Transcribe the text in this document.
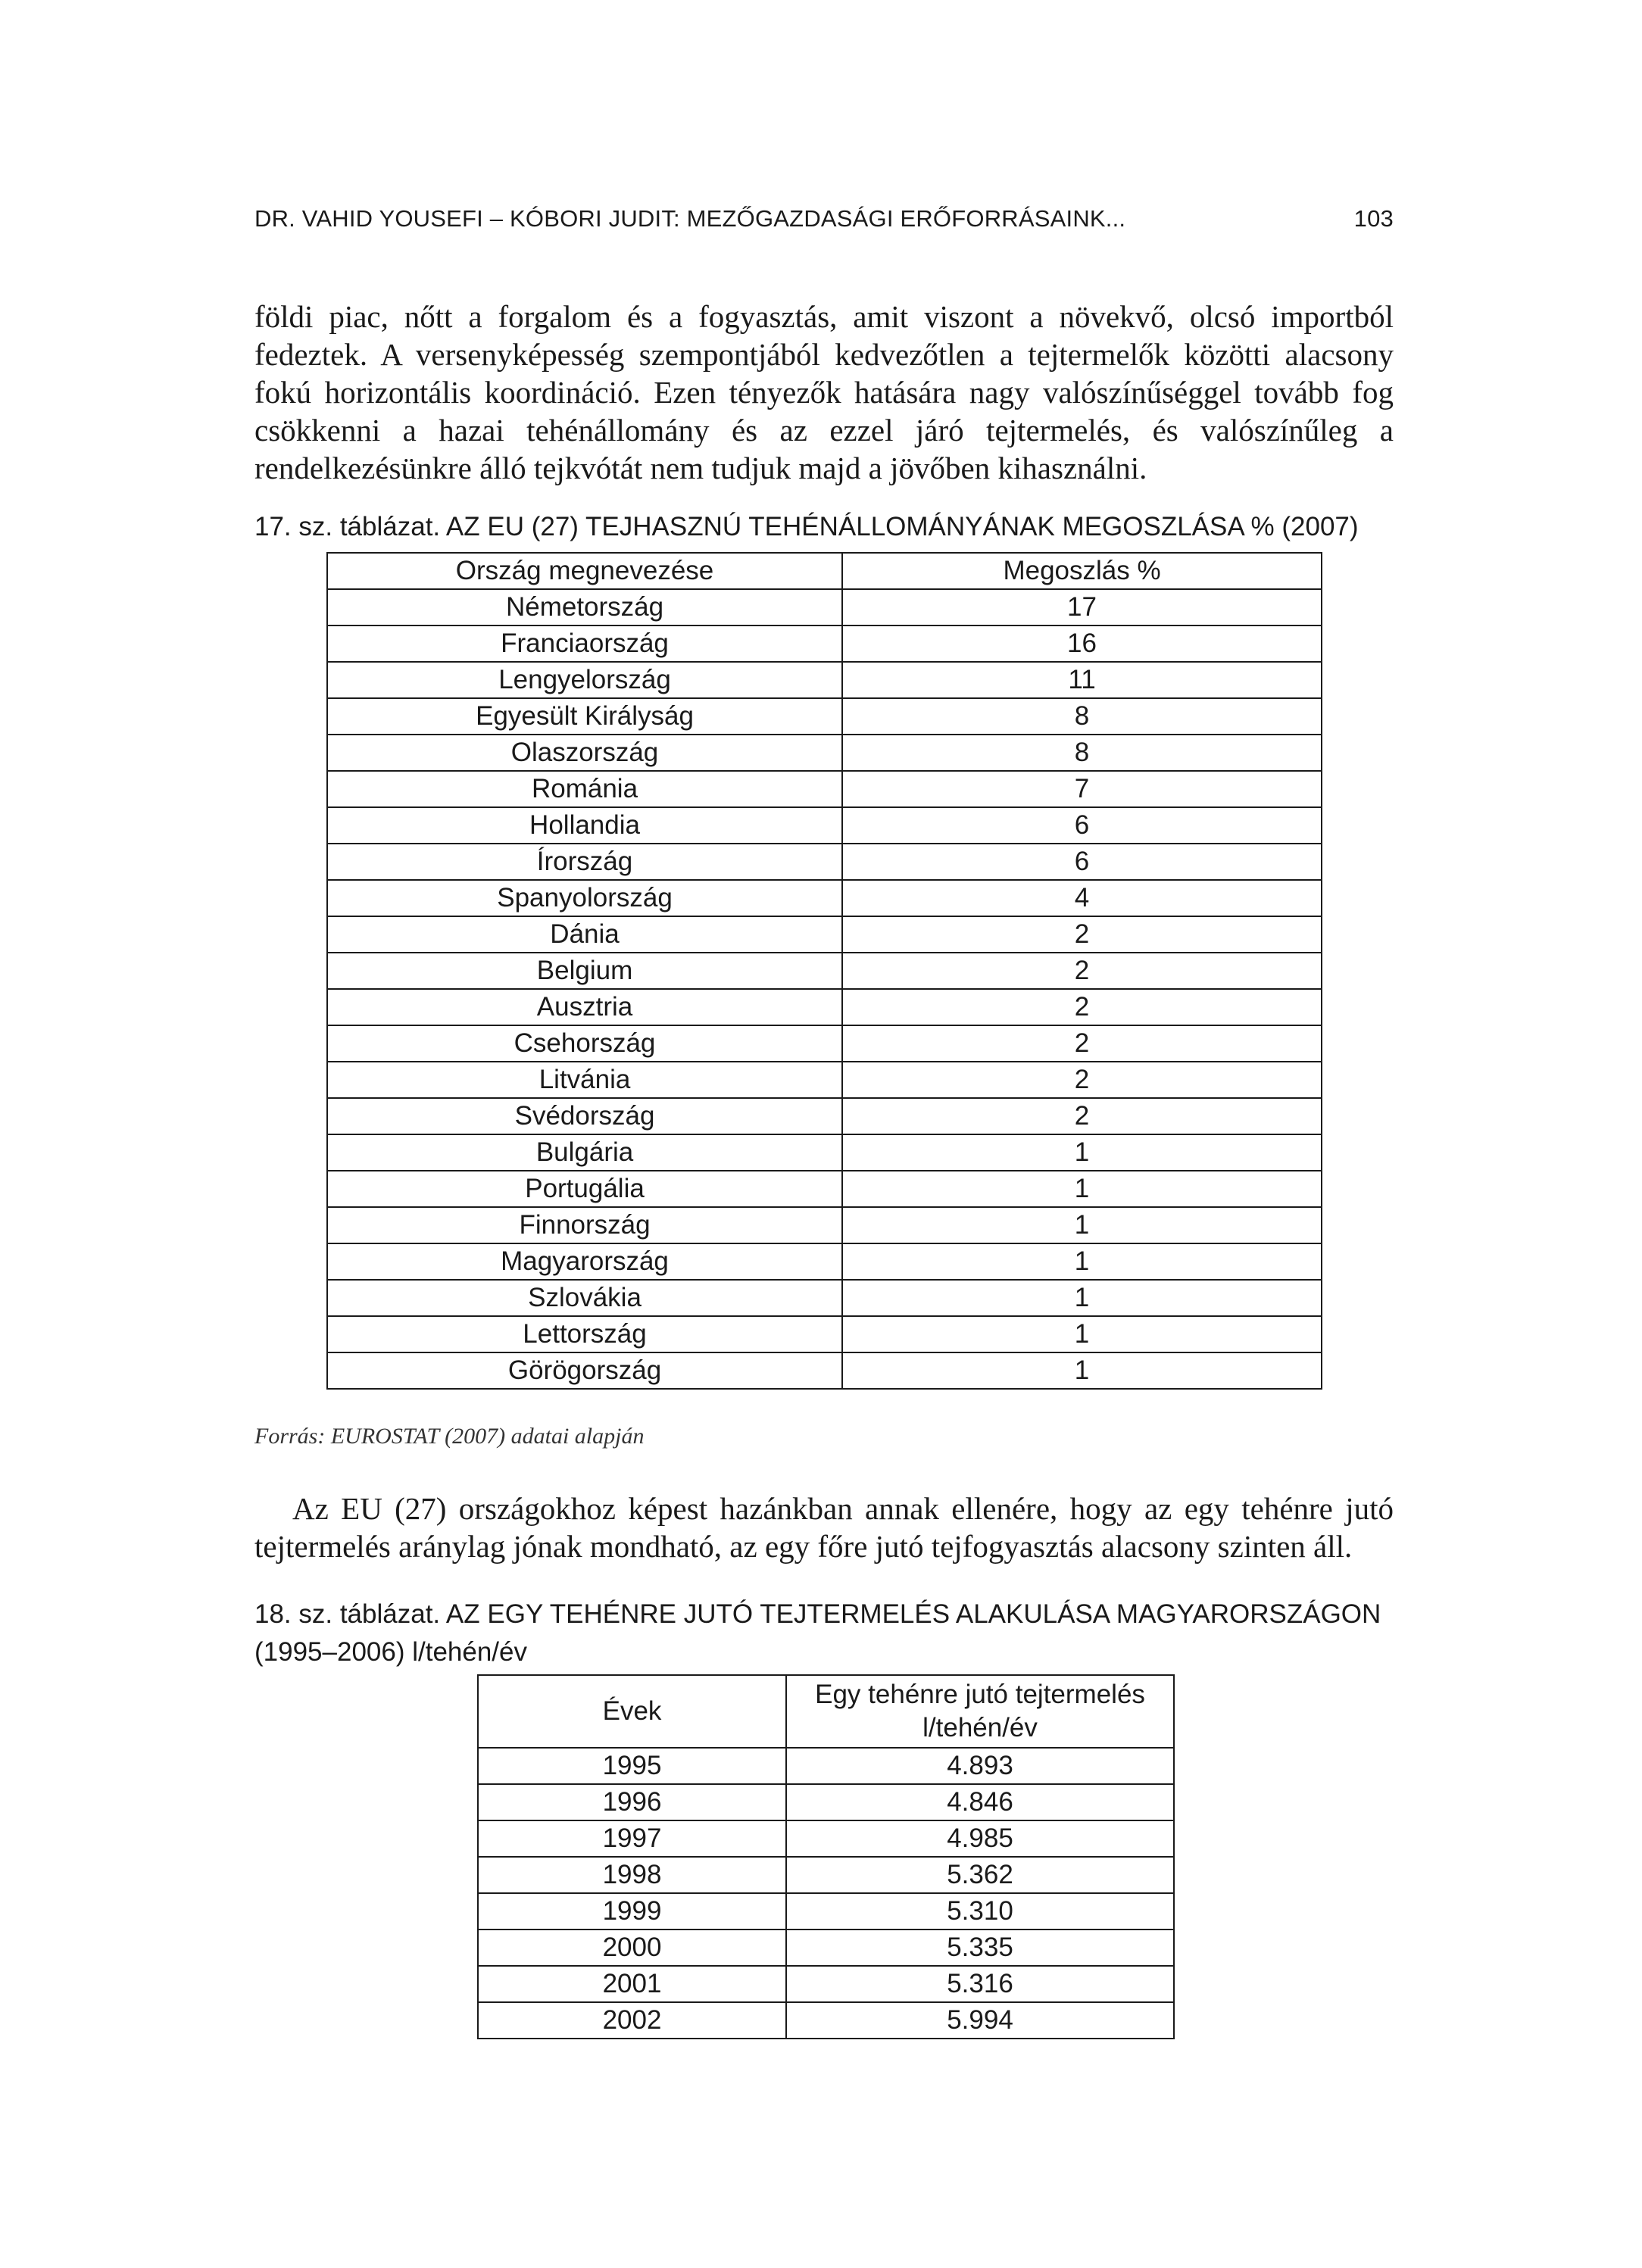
DR. VAHID YOUSEFI – KÓBORI JUDIT: MEZŐGAZDASÁGI ERŐFORRÁSAINK...	103

földi piac, nőtt a forgalom és a fogyasztás, amit viszont a növekvő, olcsó importból fedeztek. A versenyképesség szempontjából kedvezőtlen a tejtermelők közötti alacsony fokú horizontális koordináció. Ezen tényezők hatására nagy valószínűséggel tovább fog csökkenni a hazai tehénállomány és az ezzel járó tejtermelés, és valószínűleg a rendelkezésünkre álló tejkvótát nem tudjuk majd a jövőben kihasználni.

17. sz. táblázat. AZ EU (27) TEJHASZNÚ TEHÉNÁLLOMÁNYÁNAK MEGOSZLÁSA % (2007)

Ország megnevezése	Megoszlás %
Németország	17
Franciaország	16
Lengyelország	11
Egyesült Királyság	8
Olaszország	8
Románia	7
Hollandia	6
Írország	6
Spanyolország	4
Dánia	2
Belgium	2
Ausztria	2
Csehország	2
Litvánia	2
Svédország	2
Bulgária	1
Portugália	1
Finnország	1
Magyarország	1
Szlovákia	1
Lettország	1
Görögország	1
Forrás: EUROSTAT (2007) adatai alapján

Az EU (27) országokhoz képest hazánkban annak ellenére, hogy az egy tehénre jutó tejtermelés aránylag jónak mondható, az egy főre jutó tejfogyasztás alacsony szinten áll.

18. sz. táblázat. AZ EGY TEHÉNRE JUTÓ TEJTERMELÉS ALAKULÁSA MAGYARORSZÁGON (1995–2006) l/tehén/év

Évek	Egy tehénre jutó tejtermelés
l/tehén/év
1995	4.893
1996	4.846
1997	4.985
1998	5.362
1999	5.310
2000	5.335
2001	5.316
2002	5.994
